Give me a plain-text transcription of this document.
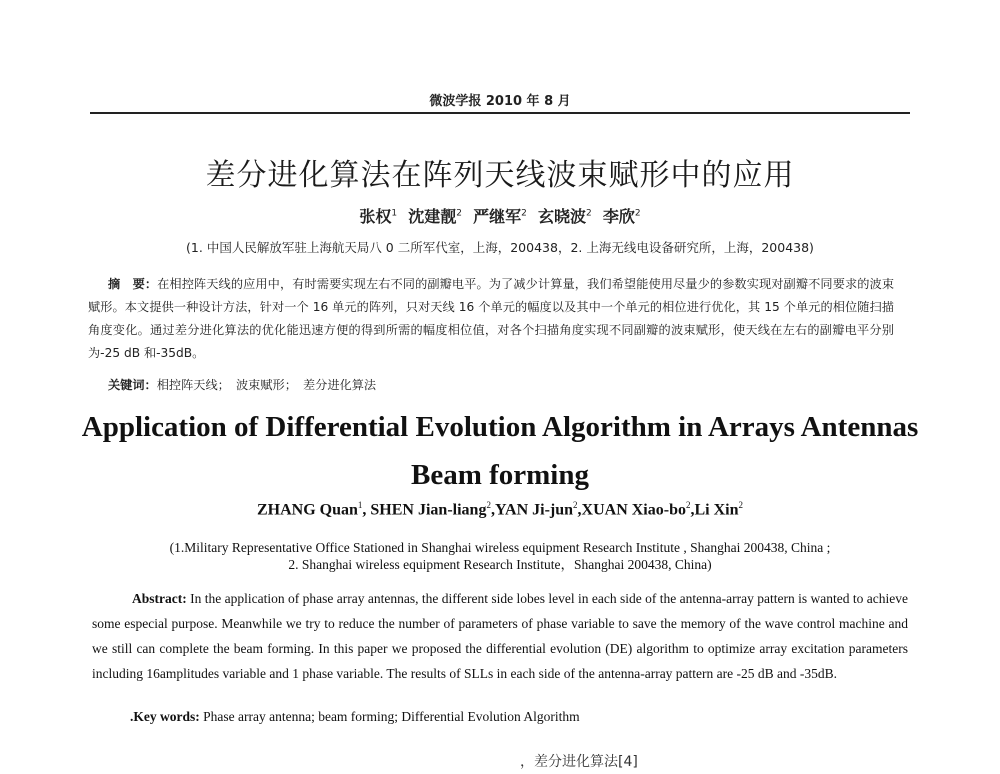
微波学报 2010 年 8 月
差分进化算法在阵列天线波束赋形中的应用
张权$^1$ 沈建靓$^2$ 严继军$^2$ 玄晓波$^2$ 李欣$^2$
(1. 中国人民解放军驻上海航天局八 0 二所军代室，上海，200438，2. 上海无线电设备研究所，上海，200438)
摘　要：在相控阵天线的应用中，有时需要实现左右不同的副瓣电平。为了减少计算量，我们希望能使用尽量少的参数实现对副瓣不同要求的波束赋形。本文提供一种设计方法，针对一个 16 单元的阵列，只对天线 16 个单元的幅度以及其中一个单元的相位进行优化，其 15 个单元的相位随扫描角度变化。通过差分进化算法的优化能迅速方便的得到所需的幅度相位值，对各个扫描角度实现不同副瓣的波束赋形，使天线在左右的副瓣电平分别为-25 dB 和-35dB。
关键词：相控阵天线；　波束赋形；　差分进化算法
Application of Differential Evolution Algorithm in Arrays Antennas
Beam forming
ZHANG Quan$^1$, SHEN Jian-liang$^2$,YAN Ji-jun$^2$,XUAN Xiao-$bo^2,Li$ Xin$^2$
(1.Military Representative Office Stationed in Shanghai wireless equipment Research Institute , Shanghai 200438, China ;
2. Shanghai wireless equipment Research Institute，Shanghai 200438, China)
Abstract: In the application of phase array antennas, the different side lobes level in each side of the antenna-array pattern is wanted to achieve some especial purpose. Meanwhile we try to reduce the number of parameters of phase variable to save the memory of the wave control machine and we still can complete the beam forming. In this paper we proposed the differential evolution (DE) algorithm to optimize array excitation parameters including 16amplitudes variable and 1 phase variable. The results of SLLs in each side of the antenna-array pattern are -25 dB and -35dB.
.Key words: Phase array antenna; beam forming; Differential Evolution Algorithm
，差分进化算法[4]
